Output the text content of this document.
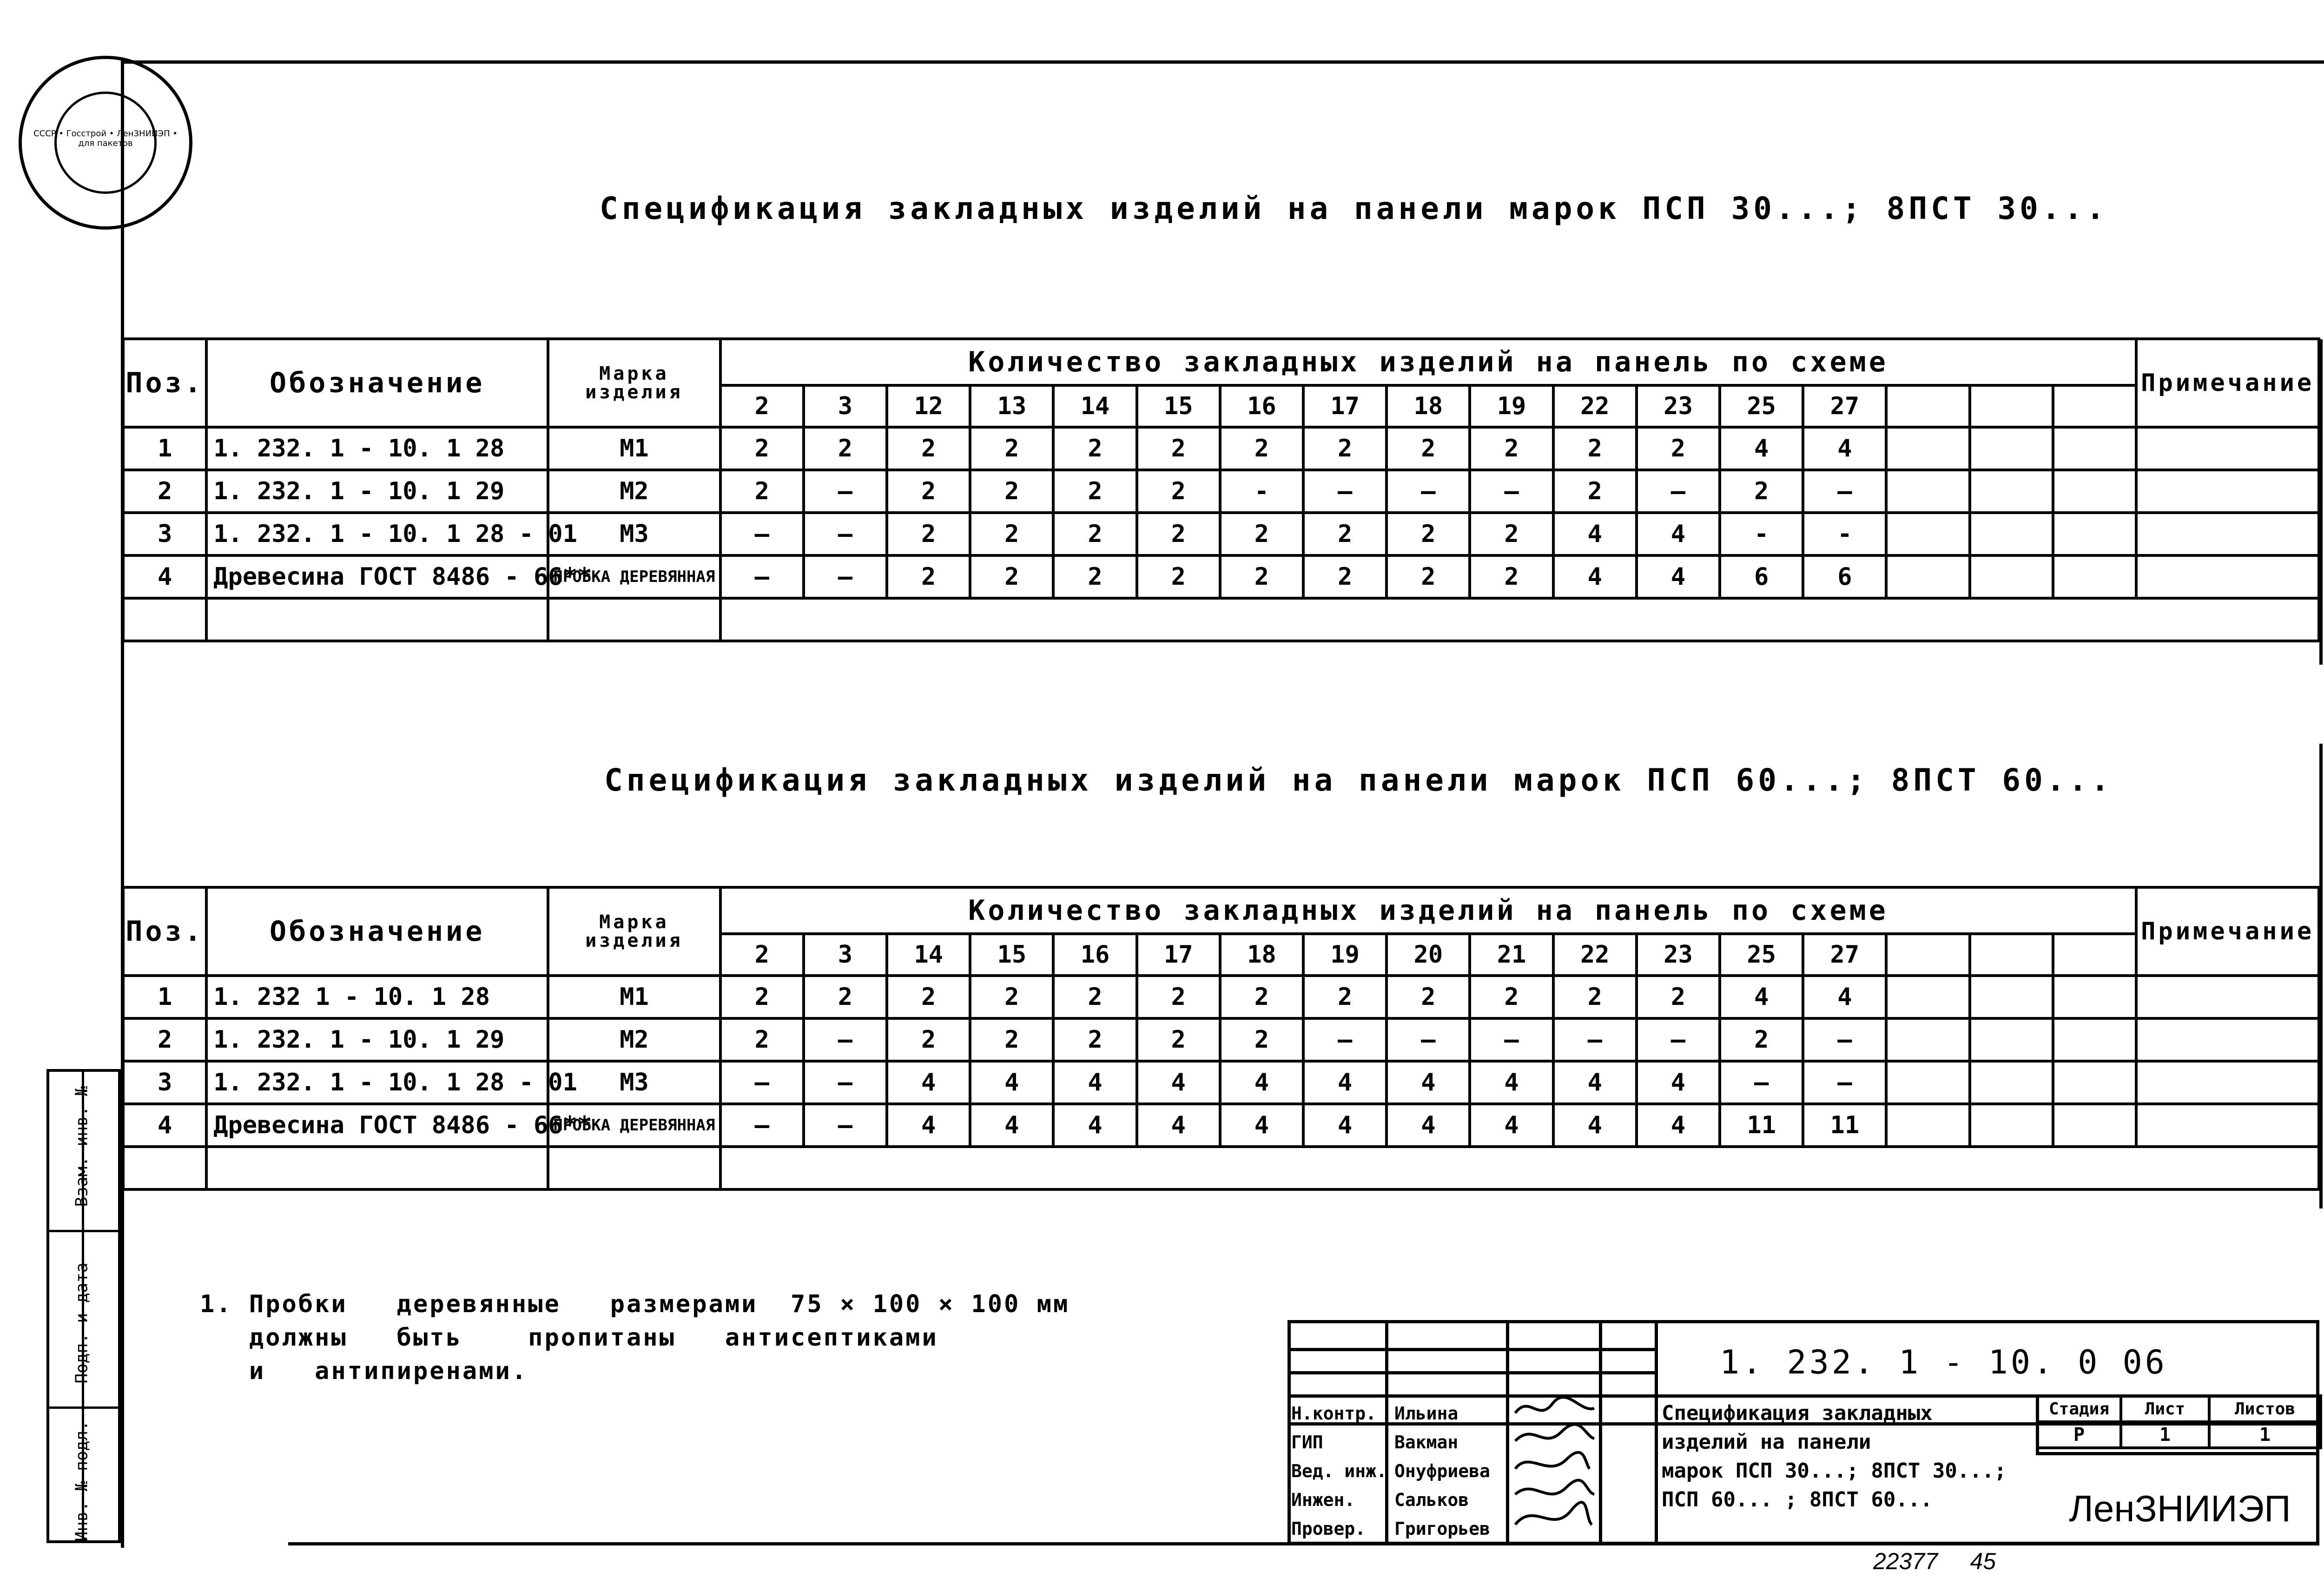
СССР • Госстрой • ЛенЗНИИЭП • для пакетов
Спецификация закладных изделий на панели марок ПСП 30...; 8ПСТ 30...
Поз.	Обозначение	Марка изделия	Количество закладных изделий на панель по схеме																	Примечание
			2	3	12	13	14	15	16	17	18	19	22	23	25	27				
1	1. 232. 1 - 10. 1 28	М1	2	2	2	2	2	2	2	2	2	2	2	2	4	4				
2	1. 232. 1 - 10. 1 29	М2	2	—	2	2	2	2	-	—	—	—	2	—	2	—				
3	1. 232. 1 - 10. 1 28 - 01	М3	—	—	2	2	2	2	2	2	2	2	4	4	-	-				
4	Древесина ГОСТ 8486 - 66**	ПРОБКА ДЕРЕВЯННАЯ	—	—	2	2	2	2	2	2	2	2	4	4	6	6				

Спецификация закладных изделий на панели марок ПСП 60...; 8ПСТ 60...
Поз.	Обозначение	Марка изделия	Количество закладных изделий на панель по схеме																	Примечание
			2	3	14	15	16	17	18	19	20	21	22	23	25	27				
1	1. 232 1 - 10. 1 28	М1	2	2	2	2	2	2	2	2	2	2	2	2	4	4				
2	1. 232. 1 - 10. 1 29	М2	2	—	2	2	2	2	2	—	—	—	—	—	2	—				
3	1. 232. 1 - 10. 1 28 - 01	М3	—	—	4	4	4	4	4	4	4	4	4	4	—	—				
4	Древесина ГОСТ 8486 - 66**	ПРОБКА ДЕРЕВЯННАЯ	—	—	4	4	4	4	4	4	4	4	4	4	11	11				

1. Пробки   деревянные   размерами  75 × 100 × 100 мм
должны   быть    пропитаны   антисептиками
и   антипиренами.	1. 232. 1 - 10. 0 06
Н.контр.	Ильина
ГИП	Вакман
Вед. инж. Онуфриева
Инжен.	Сальков
Провер.	Григорьев
Спецификация закладных
изделий на панели
марок ПСП 30...; 8ПСТ 30...;
ПСП 60... ; 8ПСТ 60...
Стадия	Лист	Листов
Р	1	1
ЛенЗНИИЭП
Взам. инв. №
Подп. и дата
Инв. № подл.
22377     45
